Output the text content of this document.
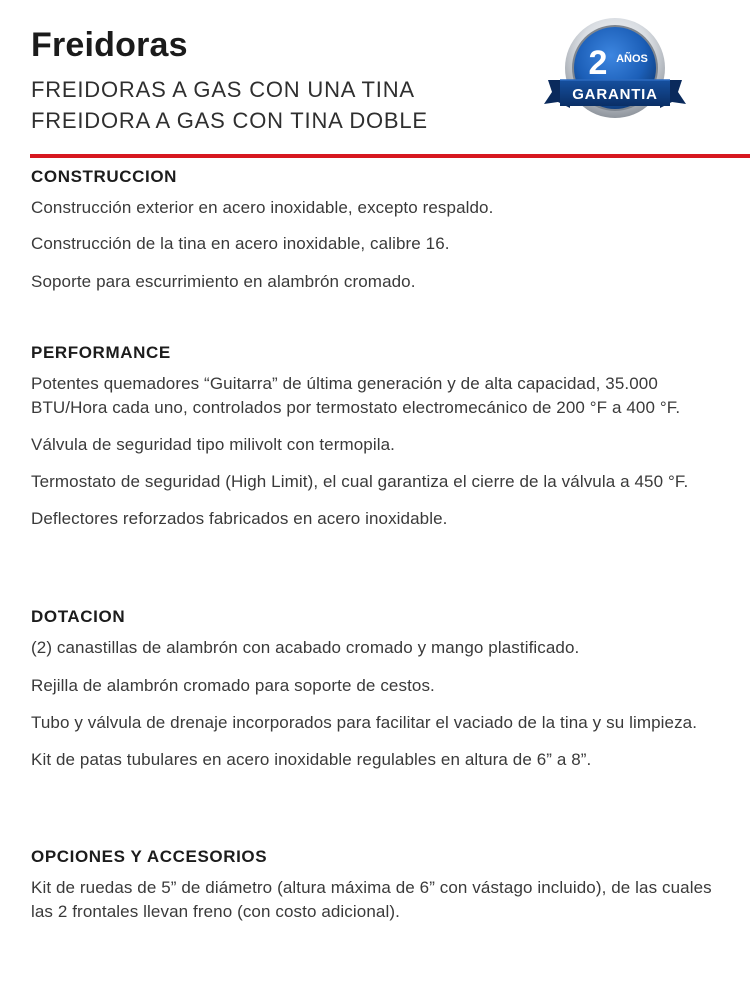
Freidoras

FREIDORAS A GAS CON UNA TINA

FREIDORA A GAS CON TINA DOBLE

2 AÑOS
GARANTIA
CONSTRUCCION

Construcción exterior en acero inoxidable, excepto respaldo.

Construcción de la tina en acero inoxidable, calibre 16.

Soporte para escurrimiento en alambrón cromado.

PERFORMANCE

Potentes quemadores “Guitarra” de última generación y de alta capacidad, 35.000 BTU/Hora cada uno, controlados por termostato electromecánico de 200 °F a 400 °F.

Válvula de seguridad tipo milivolt con termopila.

Termostato de seguridad (High Limit), el cual garantiza el cierre de la válvula a 450 °F.

Deflectores reforzados fabricados en acero inoxidable.

DOTACION

(2) canastillas de alambrón con acabado cromado y mango plastificado.

Rejilla de alambrón cromado para soporte de cestos.

Tubo y válvula de drenaje incorporados para facilitar el vaciado de la tina y su limpieza.

Kit de patas tubulares en acero inoxidable regulables en altura de 6” a 8”.

OPCIONES Y ACCESORIOS

Kit de ruedas de 5” de diámetro (altura máxima de 6” con vástago incluido), de las cuales las 2 frontales llevan freno (con costo adicional).
